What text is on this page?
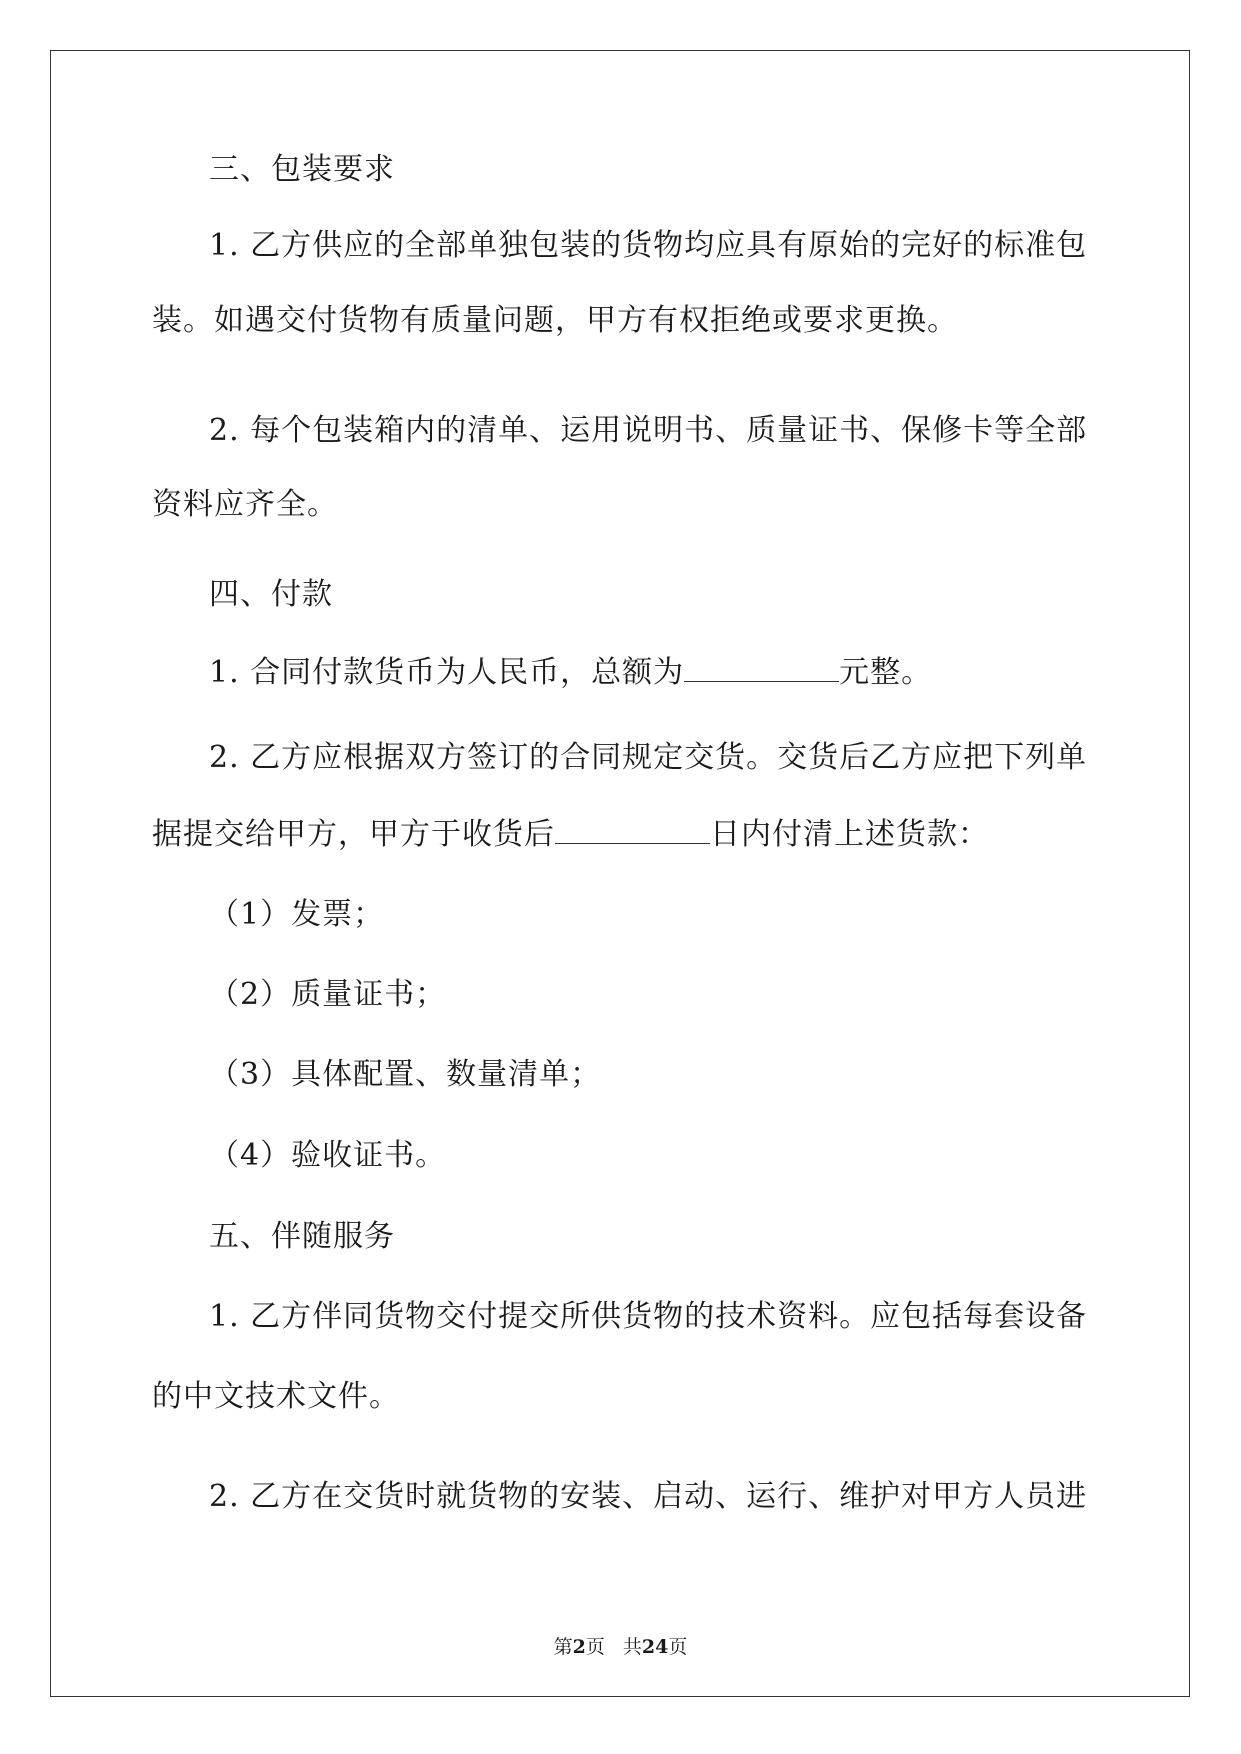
三、包装要求
1. 乙方供应的全部单独包装的货物均应具有原始的完好的标准包
装。如遇交付货物有质量问题，甲方有权拒绝或要求更换。
2. 每个包装箱内的清单、运用说明书、质量证书、保修卡等全部
资料应齐全。
四、付款
1. 合同付款货币为人民币，总额为	元整。
2. 乙方应根据双方签订的合同规定交货。交货后乙方应把下列单
据提交给甲方，甲方于收货后	日内付清上述货款：
（1）发票；
（2）质量证书；
（3）具体配置、数量清单；
（4）验收证书。
五、伴随服务
1. 乙方伴同货物交付提交所供货物的技术资料。应包括每套设备
的中文技术文件。
2. 乙方在交货时就货物的安装、启动、运行、维护对甲方人员进
第2页 共24页
